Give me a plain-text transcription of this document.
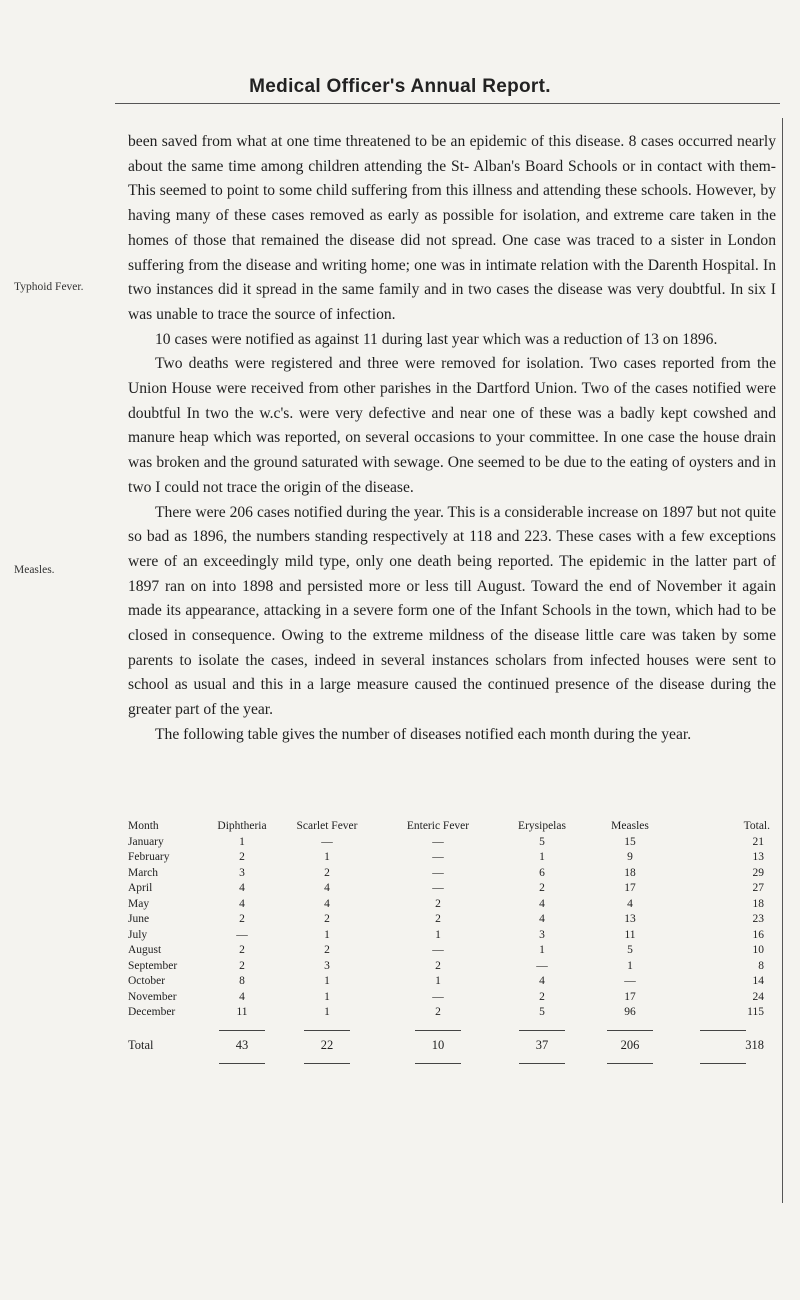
Medical Officer's Annual Report.
Typhoid Fever.
Measles.

been saved from what at one time threatened to be an epidemic of this disease. 8 cases occurred nearly about the same time among children attending the St- Alban's Board Schools or in contact with them- This seemed to point to some child suffering from this illness and attending these schools. However, by having many of these cases removed as early as possible for isolation, and extreme care taken in the homes of those that remained the disease did not spread. One case was traced to a sister in London suffering from the disease and writing home; one was in intimate relation with the Darenth Hospital. In two instances did it spread in the same family and in two cases the disease was very doubtful. In six I was unable to trace the source of infection.

10 cases were notified as against 11 during last year which was a reduction of 13 on 1896.

Two deaths were registered and three were removed for isolation. Two cases reported from the Union House were received from other parishes in the Dartford Union. Two of the cases notified were doubtful In two the w.c's. were very defective and near one of these was a badly kept cowshed and manure heap which was reported, on several occasions to your committee. In one case the house drain was broken and the ground saturated with sewage. One seemed to be due to the eating of oysters and in two I could not trace the origin of the disease.

There were 206 cases notified during the year. This is a considerable increase on 1897 but not quite so bad as 1896, the numbers standing respectively at 118 and 223. These cases with a few exceptions were of an exceedingly mild type, only one death being reported. The epidemic in the latter part of 1897 ran on into 1898 and persisted more or less till August. Toward the end of November it again made its appearance, attacking in a severe form one of the Infant Schools in the town, which had to be closed in consequence. Owing to the extreme mildness of the disease little care was taken by some parents to isolate the cases, indeed in several instances scholars from infected houses were sent to school as usual and this in a large measure caused the continued presence of the disease during the greater part of the year.

The following table gives the number of diseases notified each month during the year.

Month	Diphtheria	Scarlet Fever	Enteric Fever	Erysipelas	Measles	Total.
January	1	—	—	5	15	21
February	2	1	—	1	9	13
March	3	2	—	6	18	29
April	4	4	—	2	17	27
May	4	4	2	4	4	18
June	2	2	2	4	13	23
July	—	1	1	3	11	16
August	2	2	—	1	5	10
September	2	3	2	—	1	8
October	8	1	1	4	—	14
November	4	1	—	2	17	24
December	11	1	2	5	96	115

Total	43	22	10	37	206	318
